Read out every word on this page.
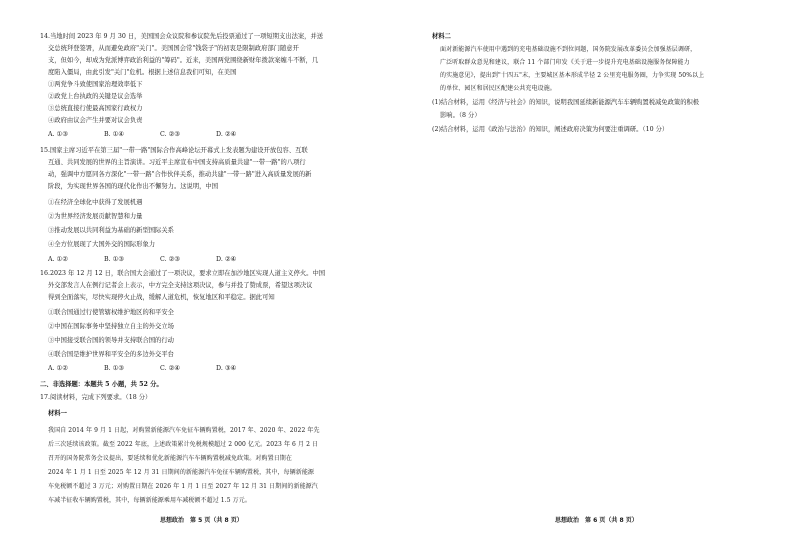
14.当地时间 2023 年 9 月 30 日，美国国会众议院和参议院先后投票通过了一项短期支出法案，并送
交总统拜登签署，从而避免政府"关门"。美国国会常"钱袋子"的初衷是限制政府部门随意开
支，但如今，却成为党派博弈政治利益的"筹码"。近来，美国两党围绕新财年拨款案缠斗不断，几
度陷入僵局，由此引发"关门"危机。根据上述信息我们可知，在美国
①两党争斗致使国家治理效率低下
②政党上台执政的关键是议会选举
③总统直接行使最高国家行政权力
④政府由议会产生并要对议会负责
A. ①③	B. ①④	C. ②③	D. ②④
15.国家主席习近平在第三届"一带一路"国际合作高峰论坛开幕式上发表题为建设开放包容、互联
互通、共同发展的世界的主旨演讲。习近平主席宣布中国支持高质量共建"一带一路"的八项行
动，强调中方愿同各方深化"一带一路"合作伙伴关系，推动共建"一带一路"进入高质量发展的新
阶段，为实现世界各国的现代化作出不懈努力。这说明，中国
①在经济全球化中获得了发展机遇
②为世界经济发展贡献智慧和力量
③推动发展以共同利益为基础的新型国际关系
④全方位展现了大国外交的国际形象力
A. ①②	B. ①③	C. ②③	D. ②④
16.2023 年 12 月 12 日，联合国大会通过了一项决议，要求立即在加沙地区实现人道主义停火。中国
外交部发言人在例行记者会上表示，中方完全支持这项决议，参与并投了赞成票，希望这项决议
得到全面落实，尽快实现停火止战，缓解人道危机，恢复地区和平稳定。据此可知
①联合国通过行使管辖权维护地区的和平安全
②中国在国际事务中坚持独立自主的外交立场
③中国接受联合国的领导并支持联合国的行动
④联合国是维护世界和平安全的多边外交平台
A. ①②	B. ①③	C. ②④	D. ③④
二、非选择题：本题共 5 小题，共 52 分。
17.阅读材料，完成下列要求。（18 分）
材料一
我国自 2014 年 9 月 1 日起，对购置新能源汽车免征车辆购置税，2017 年、2020 年、2022 年先
后三次延续该政策。截至 2022 年底，上述政策累计免税规模超过 2 000 亿元。2023 年 6 月 2 日
召开的国务院常务会议提出，要延续和优化新能源汽车车辆购置税减免政策。对购置日期在
2024 年 1 月 1 日至 2025 年 12 月 31 日期间的新能源汽车免征车辆购置税，其中，每辆新能源
车免税额不超过 3 万元；对购置日期在 2026 年 1 月 1 日至 2027 年 12 月 31 日期间的新能源汽
车减半征收车辆购置税，其中，每辆新能源乘用车减税额不超过 1.5 万元。
思想政治　第 5 页（共 8 页）
材料二
面对新能源汽车使用中遇到的充电基础设施不到位问题，国务院发展改革委员会加强基层调研，
广泛听取群众意见和建议，联合 11 个部门印发《关于进一步提升充电基础设施服务保障能力
的实施意见》，提出到"十四五"末，主要城区基本形成半径 2 公里充电服务圈，力争实现 50%以上
的单位、园区和居民区配建公共充电设施。
(1)结合材料，运用《经济与社会》的知识，说明我国延续新能源汽车车辆购置税减免政策的积极
影响。（8 分）
(2)结合材料，运用《政治与法治》的知识，阐述政府决策为何要注重调研。（10 分）
思想政治　第 6 页（共 8 页）
